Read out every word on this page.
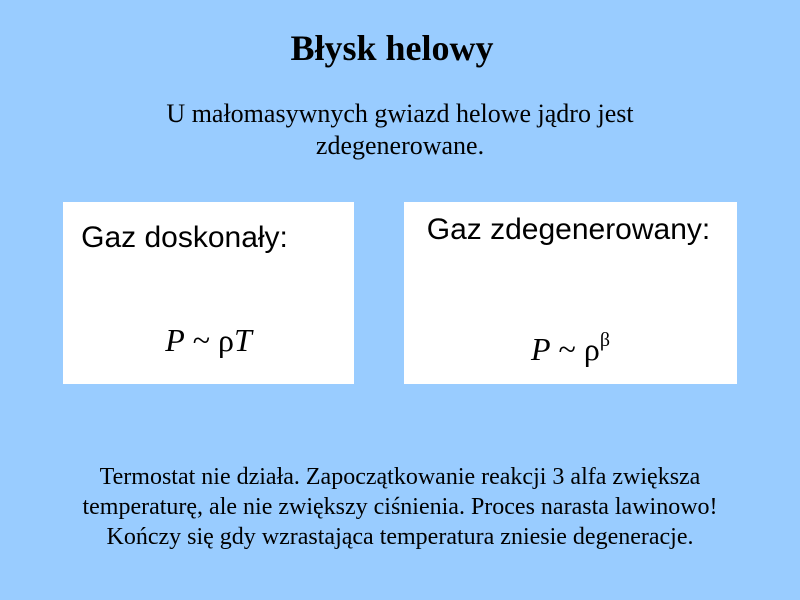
Błysk helowy
U małomasywnych gwiazd helowe jądro jest
zdegenerowane.
Gaz doskonały:
P ~ ρT
Gaz zdegenerowany:
P ~ $\rho^\beta$
Termostat nie działa. Zapoczątkowanie reakcji 3 alfa zwiększa
temperaturę, ale nie zwiększy ciśnienia. Proces narasta lawinowo!
Kończy się gdy wzrastająca temperatura zniesie degeneracje.
